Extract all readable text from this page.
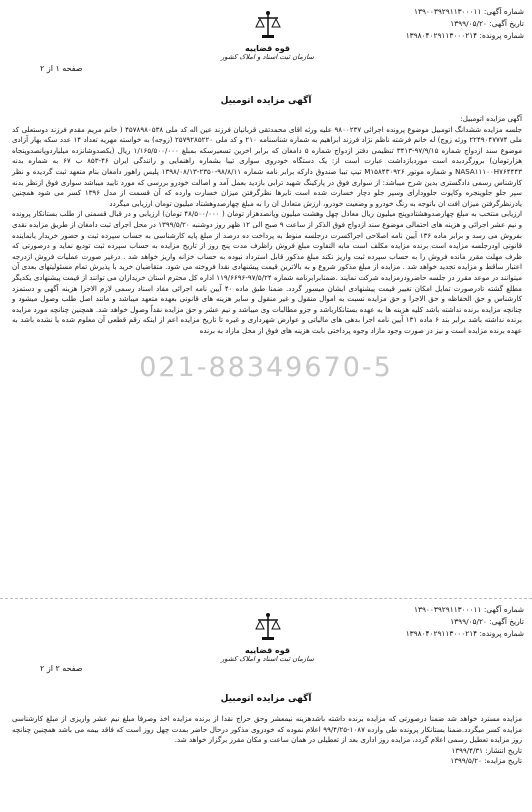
شماره آگهی: ۱۳۹۰۰۳۹۲۹۱۱۳۰۰۰۱۱
تاریخ آگهی: ۱۳۹۹/۰۵/۲۰
شماره پرونده: ۱۳۹۸۰۴۰۲۹۱۱۳۰۰۰۲۱۴
قوه قضاییه
سازمان ثبت اسناد و املاک کشور
صفحه ۱ از ۲
آگهی مزایده اتومبیل
021-88349670-5

آگهی مزایده اتومبیل:

جلسه مزایده ششدانگ اتومبیل موضوع پرونده اجرائی ۹۸۰۰۲۳۷ علیه ورثه اقای محمدتقی قربانیان فرزند عین اله کد ملی ۴۵۷۸۹۸۰۵۳۸ ( خانم مریم مقدم فرزند دوستعلی کد ملی ۲۲۴۹۰۴۷۷۷۴ ورثه زوج) له خانم فرشته ناظم نژاد فرزند ابراهیم به شماره شناسنامه ۲۱۰ و کد ملی ۲۵۷۹۲۸۵۲۲۰ (زوجه) به خواسته مهریه تعداد ۱۴ عدد سکه بهار آزادی موضوع سند ازدواج شماره ۹۷/۹/۱۵-۳۴۱۳ تنظیمی دفتر ازدواج شماره ۵ دامغان که برابر اخرین تسعیرسکه بمبلغ ۱/۱۶۵/۵۰۰/۰۰۰ ریال (یکصدوشانزده میلیاردوپانصدوپنجاه هزارتومان) برورگردیده است موردبازداشت عبارت است از: یک دستگاه خودروی سواری تیبا بشماره راهنمایی و رانندگی ایران ۴۶-۸۵۳ ب ۶۷ به شماره بدنه NASA۱۱۱۰۰H۷۶۴۴۴۳ و شماره موتور M۱۵۸۴۳۰۹۲۶ تیپ تیبا صندوق دارکه برابر نامه شماره ۹۸/۸/۱۱-۲۳۵۰-۱۳۹۸/۰۸/۱۳ پلیس راهور دامغان بنام متعهد ثبت گردیده و نظر کارشناس رسمی دادگستری بدین شرح میباشد: از سواری فوق در پارکینگ شهید ترابی بازدید بعمل آمد و اصالت خودرو بررسی که مورد تایید میباشد سواری فوق ازنظر بدنه سپر جلو جلوپنجره وکاپوت جلوودارای وسپر جلو دچار خسارت شده است تایرها نظرگرفتن میزان خسارت وارده که آن قسمت از مدل ۱۳۹۶ کسر می شود همچنین یادرنظرگرفتن میزان افت ان باتوجه به رنگ خودرو و وضعیت خودرو، ارزش متعادل ان را به مبلغ چهارصدوهشتاد میلیون تومان ارزیابی میگردد

ارزیابی منتخب به مبلغ چهارصدوهشتادوپنج میلیون ریال معادل چهل وهشت میلیون وپانصدهزار تومان ( ۴۸/۵۰۰/۰۰۰ تومان) ارزیابی و در قبال قسمتی از طلب بستانکار پرونده و نیم عشر اجرائی و هزینه های احتمالی موضوع سند ازدواج فوق الذکر از ساعت ۹ صبح الی ۱۲ ظهر روز دوشنبه ۱۳۹۹/۵/۲۰ در محل اجرای ثبت دامغان از طریق مزایده نقدی بفروش می رسد و برابر ماده ۱۳۶ آیین نامه اصلاحی اجراکسرت درجلسه منوط به پرداخت ده درصد از مبلغ پایه کارشناسی به حساب سپرده ثبت و حضور خریدار یانماینده قانونی اودرجلسه مزایده است برنده مزایده مکلف است مابه التفاوت مبلغ فروش راظرف مدت پنج روز از تاریخ مزایده به حساب سپرده ثبت تودیع نماید و درصورتی که ظرف مهلت مقرر مانده فروش را به حساب سپرده ثبت واریز نکند مبلغ مذکور قابل استرداد نبوده به حساب خزانه واریز خواهد شد . درغیر صورت عملیات فروش ازدرجه اعتبار ساقط و مزایده تجدید خواهد شد . مزایده از مبلغ مذکور شروع و به بالاترین قیمت پیشنهادی نقدا فروخته می شود. متقاضیان خرید با پذیرش تمام مسئولیتهای بعدی آن میتوانند در موعد مقرر در جلسه حاضرودرمزایده شرکت نمایند .ضمنابرابرنامه شماره ۹۷/۵/۲۴-۱۱۹/۶۶۹۶ اداره کل محترم استان خریداران می توانند از قیمت پیشنهادی یکدیگر مطلع گشته تادرصورت تمایل امکان تغییر قیمت پیشنهادی ایشان میسور گردد. ضمنا طبق ماده ۴۰ آیین نامه اجرائی مفاد اسناد رسمی لازم الاجرا هزینه آگهی و دستمزد کارشناس و حق الحفاظه و حق الاجرا و حق مزایده نسبت به اموال منقول و غیر منقول و سایر هزینه های قانونی بعهده متعهد میباشد و مانند اصل طلب وصول میشود و چنانچه مزایده برنده نداشته باشد کلیه هزینه ها به عهده بستانکارباشد و جزو مطالبات وی میباشد و نیم عشر و حق مزایده نقداً وصول خواهد شد. همچنین چنانچه مورد مزایده برنده نداشته باشد برابر بند ۶ ماده ۱۳۱ آیین نامه اجرا بدهی های مالیاتی و عوارض شهرداری و غیره تا تاریخ مزایده اعم از اینکه رقم قطعی آن معلوم شده یا نشده باشد به عهده برنده مزایده است و نیز در صورت وجود مازاد وجوه پرداختی بابت هزینه های فوق از محل مازاد به برنده

شماره آگهی: ۱۳۹۰۰۳۹۲۹۱۱۳۰۰۰۱۱
تاریخ آگهی: ۱۳۹۹/۰۵/۲۰
شماره پرونده: ۱۳۹۸۰۴۰۲۹۱۱۳۰۰۰۲۱۴
قوه قضاییه
سازمان ثبت اسناد و املاک کشور
صفحه ۲ از ۲
آگهی مزایده اتومبیل

مزایده مسترد خواهد شد ضمنا درصورتی که مزایده برنده داشته باشدهزینه نیمعشر وحق حراج نقدا از برنده مزایده اخذ وصرفا مبلغ نیم عشر واریزی از مبلغ کارشناسی مزایده کسر میگردد.ضمنا بستانکار پرونده طی وارده ۱۰۸۷-۹۹/۴/۲۵ اعلام نموده که خودروی مذکور درحال حاضر بمدت چهل روز است که فاقد بیمه می باشد همچنین چنانچه روز مزایده تعطیل رسمی اعلام گردد، مزایده روز اداری بعد از تعطیلی در همان ساعت و مکان مقرر برگزار خواهد شد.

تاریخ انتشار: ۱۳۹۹/۴/۳۱

تاریخ مزایده: ۱۳۹۹/۵/۲۰
